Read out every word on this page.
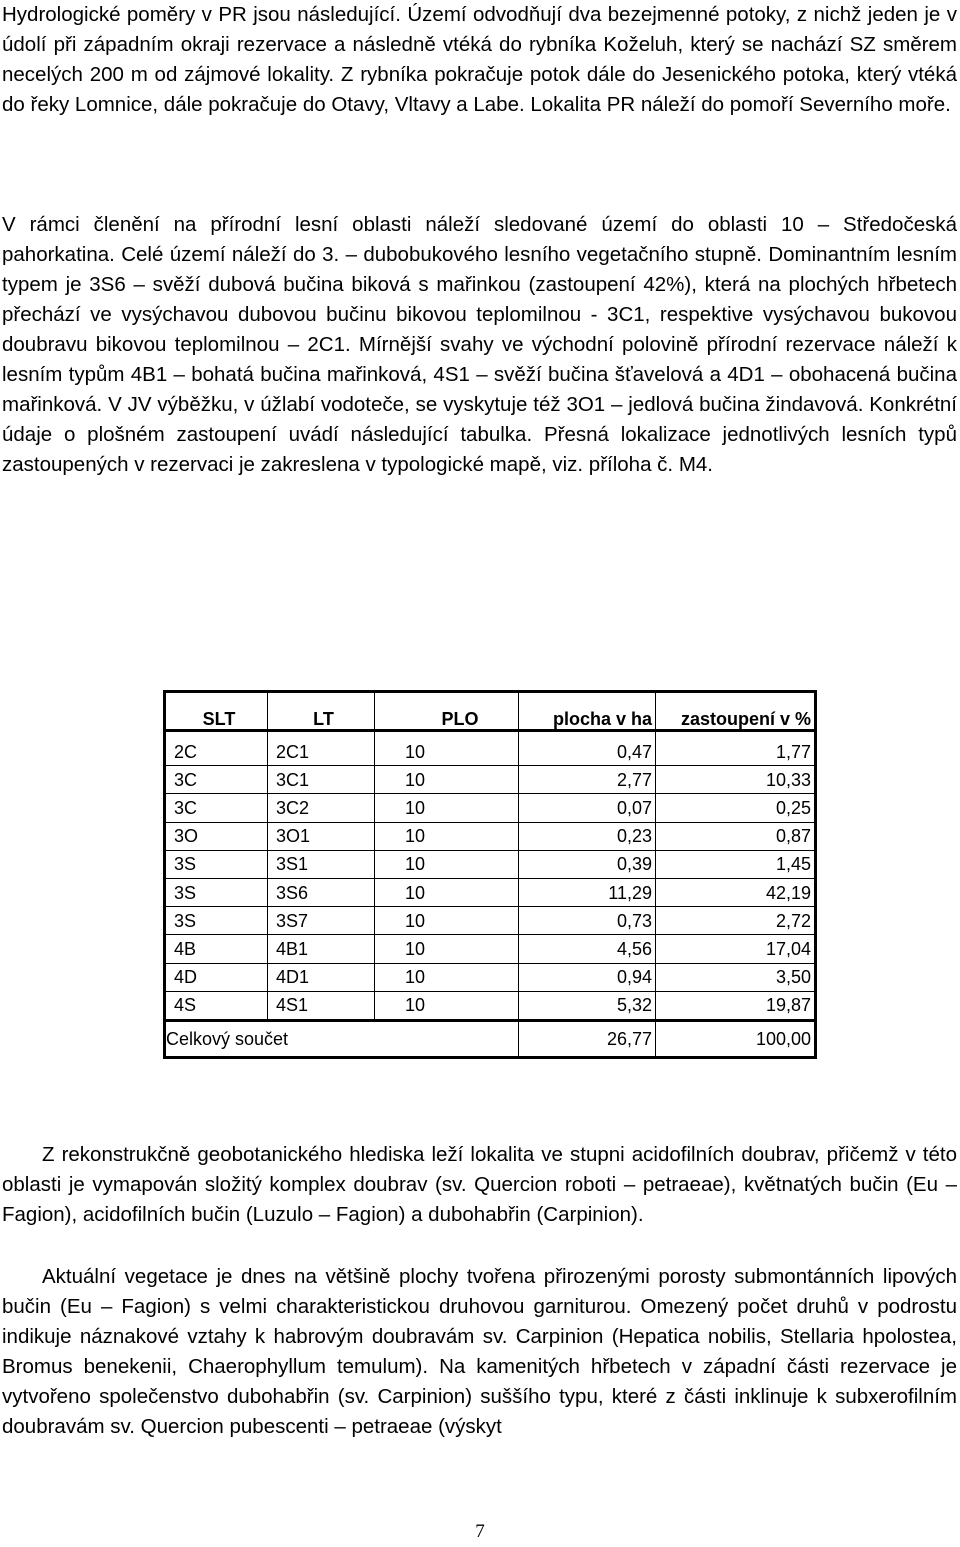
Hydrologické poměry v PR jsou následující. Území odvodňují dva bezejmenné potoky, z nichž jeden je v údolí při západním okraji rezervace a následně vtéká do rybníka Koželuh, který se nachází SZ směrem necelých 200 m od zájmové lokality. Z rybníka pokračuje potok dále do Jesenického potoka, který vtéká do řeky Lomnice, dále pokračuje do Otavy, Vltavy a Labe. Lokalita PR náleží do pomoří Severního moře.

V rámci členění na přírodní lesní oblasti náleží sledované území do oblasti 10 – Středočeská pahorkatina. Celé území náleží do 3. – dubobukového lesního vegetačního stupně. Dominantním lesním typem je 3S6 – svěží dubová bučina biková s mařinkou (zastoupení 42%), která na plochých hřbetech přechází ve vysýchavou dubovou bučinu bikovou teplomilnou - 3C1, respektive vysýchavou bukovou doubravu bikovou teplomilnou – 2C1. Mírnější svahy ve východní polovině přírodní rezervace náleží k lesním typům 4B1 – bohatá bučina mařinková, 4S1 – svěží bučina šťavelová a 4D1 – obohacená bučina mařinková. V JV výběžku, v úžlabí vodoteče, se vyskytuje též 3O1 – jedlová bučina žindavová. Konkrétní údaje o plošném zastoupení uvádí následující tabulka. Přesná lokalizace jednotlivých lesních typů zastoupených v rezervaci je zakreslena v typologické mapě, viz. příloha č. M4.

SLT	LT	PLO	plocha v ha	zastoupení v %
2C	2C1	10	0,47	1,77
3C	3C1	10	2,77	10,33
3C	3C2	10	0,07	0,25
3O	3O1	10	0,23	0,87
3S	3S1	10	0,39	1,45
3S	3S6	10	11,29	42,19
3S	3S7	10	0,73	2,72
4B	4B1	10	4,56	17,04
4D	4D1	10	0,94	3,50
4S	4S1	10	5,32	19,87
Celkový součet			26,77	100,00

Z rekonstrukčně geobotanického hlediska leží lokalita ve stupni acidofilních doubrav, přičemž v této oblasti je vymapován složitý komplex doubrav (sv. Quercion roboti – petraeae), květnatých bučin (Eu – Fagion), acidofilních bučin (Luzulo – Fagion) a dubohabřin (Carpinion).

Aktuální vegetace je dnes na většině plochy tvořena přirozenými porosty submontánních lipových bučin (Eu – Fagion) s velmi charakteristickou druhovou garniturou. Omezený počet druhů v podrostu indikuje náznakové vztahy k habrovým doubravám sv. Carpinion (Hepatica nobilis, Stellaria hpolostea, Bromus benekenii, Chaerophyllum temulum). Na kamenitých hřbetech v západní části rezervace je vytvořeno společenstvo dubohabřin (sv. Carpinion) suššího typu, které z části inklinuje k subxerofilním doubravám sv. Quercion pubescenti – petraeae (výskyt

7
